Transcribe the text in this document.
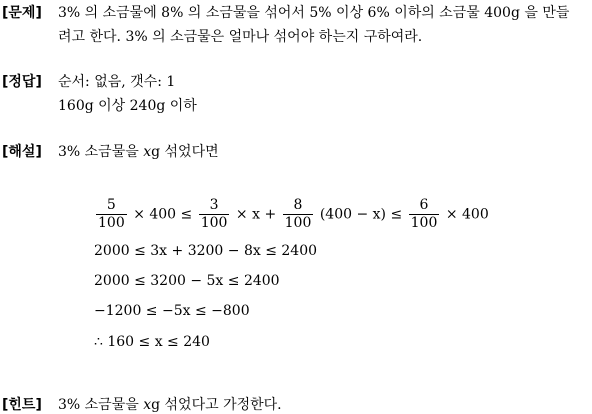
[문제] 3% 의 소금물에 8% 의 소금물을 섞어서 5% 이상 6% 이하의 소금물 400g 을 만들
려고 한다. 3% 의 소금물은 얼마나 섞어야 하는지 구하여라.
[정답] 순서: 없음, 갯수: 1
160g 이상 240g 이하
[해설] 3% 소금물을 xg 섞었다면
$\frac{5}{100} \times 400 \le \frac{3}{100} \times x + \frac{8}{100} (400 - x) \le \frac{6}{100} \times 400$
2000 ≤ 3x + 3200 − 8x ≤ 2400
2000 ≤ 3200 − 5x ≤ 2400
−1200 ≤ −5x ≤ −800
∴ 160 ≤ x ≤ 240
[힌트] 3% 소금물을 xg 섞었다고 가정한다.
